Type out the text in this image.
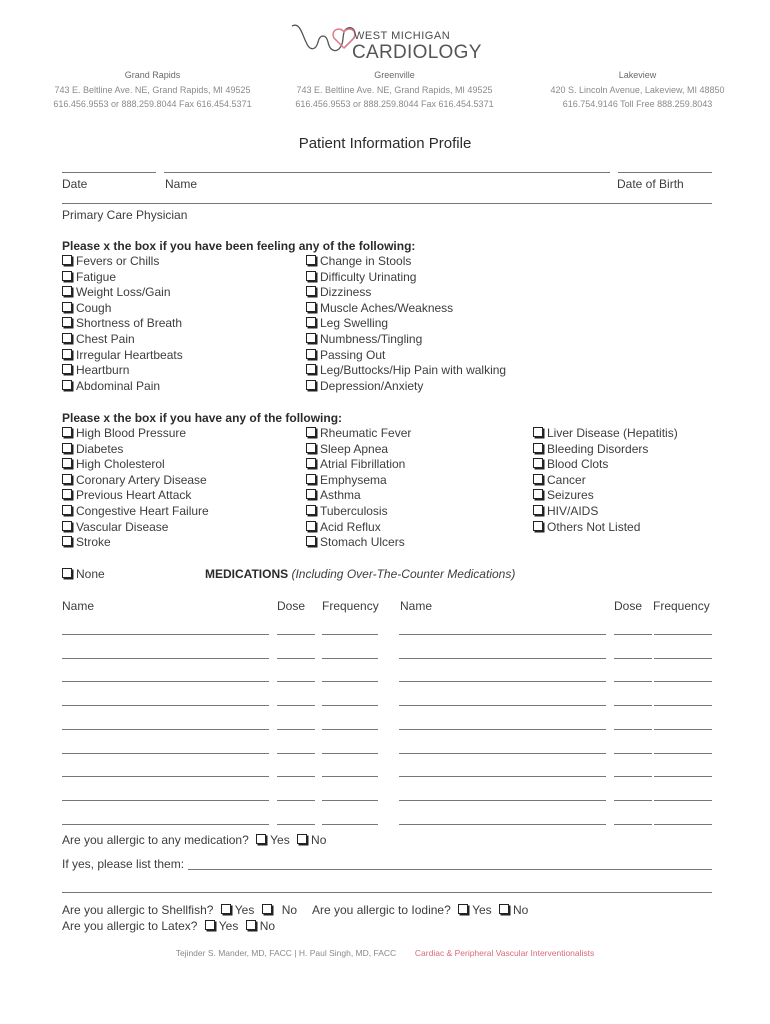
WEST MICHIGAN
CARDIOLOGY
Grand Rapids
743 E. Beltline Ave. NE, Grand Rapids, MI 49525
616.456.9553 or 888.259.8044 Fax 616.454.5371
Greenville
743 E. Beltline Ave. NE, Grand Rapids, MI 49525
616.456.9553 or 888.259.8044 Fax 616.454.5371
Lakeview
420 S. Lincoln Avenue, Lakeview, MI 48850
616.754.9146 Toll Free 888.259.8043
Patient Information Profile
Date	Name	Date of Birth
Primary Care Physician
Please x the box if you have been feeling any of the following:
Fevers or Chills
Fatigue
Weight Loss/Gain
Cough
Shortness of Breath
Chest Pain
Irregular Heartbeats
Heartburn
Abdominal Pain
Change in Stools
Difficulty Urinating
Dizziness
Muscle Aches/Weakness
Leg Swelling
Numbness/Tingling
Passing Out
Leg/Buttocks/Hip Pain with walking
Depression/Anxiety
Please x the box if you have any of the following:
High Blood Pressure
Diabetes
High Cholesterol
Coronary Artery Disease
Previous Heart Attack
Congestive Heart Failure
Vascular Disease
Stroke
Rheumatic Fever
Sleep Apnea
Atrial Fibrillation
Emphysema
Asthma
Tuberculosis
Acid Reflux
Stomach Ulcers
Liver Disease (Hepatitis)
Bleeding Disorders
Blood Clots
Cancer
Seizures
HIV/AIDS
Others Not Listed
None	MEDICATIONS (Including Over-The-Counter Medications)
Name	Dose Frequency Name	Dose Frequency
Are you allergic to any medication? Yes No
If yes, please list them:
Are you allergic to Shellfish? Yes No Are you allergic to Iodine? Yes No
Are you allergic to Latex? Yes No
Tejinder S. Mander, MD, FACC | H. Paul Singh, MD, FACC Cardiac & Peripheral Vascular Interventionalists
